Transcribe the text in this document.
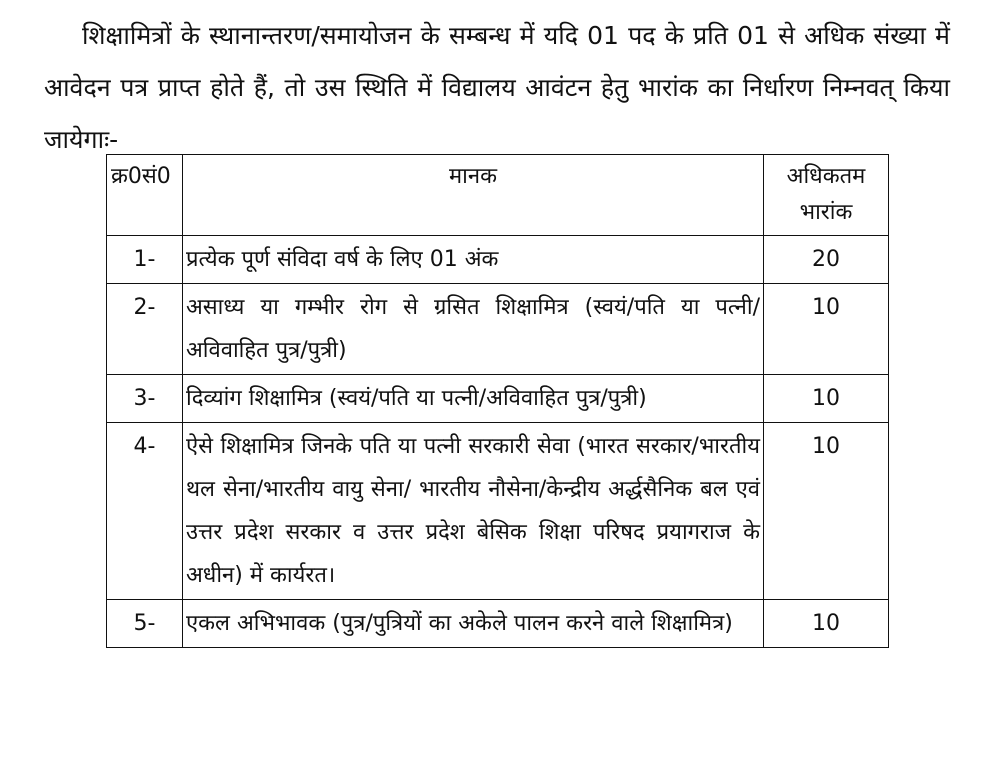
शिक्षामित्रों के स्थानान्तरण/समायोजन के सम्बन्ध में यदि 01 पद के प्रति 01 से अधिक संख्या में आवेदन पत्र प्राप्त होते हैं, तो उस स्थिति में विद्यालय आवंटन हेतु भारांक का निर्धारण निम्नवत् किया जायेगाः-

क्र0सं0	मानक	अधिकतम भारांक
1-	प्रत्येक पूर्ण संविदा वर्ष के लिए 01 अंक	20
2-	असाध्य या गम्भीर रोग से ग्रसित शिक्षामित्र (स्वयं/पति या पत्नी/अविवाहित पुत्र/पुत्री)	10
3-	दिव्यांग शिक्षामित्र (स्वयं/पति या पत्नी/अविवाहित पुत्र/पुत्री)	10
4-	ऐसे शिक्षामित्र जिनके पति या पत्नी सरकारी सेवा (भारत सरकार/भारतीय थल सेना/भारतीय वायु सेना/ भारतीय नौसेना/केन्द्रीय अर्द्धसैनिक बल एवं उत्तर प्रदेश सरकार व उत्तर प्रदेश बेसिक शिक्षा परिषद प्रयागराज के अधीन) में कार्यरत।	10
5-	एकल अभिभावक (पुत्र/पुत्रियों का अकेले पालन करने वाले शिक्षामित्र)	10
